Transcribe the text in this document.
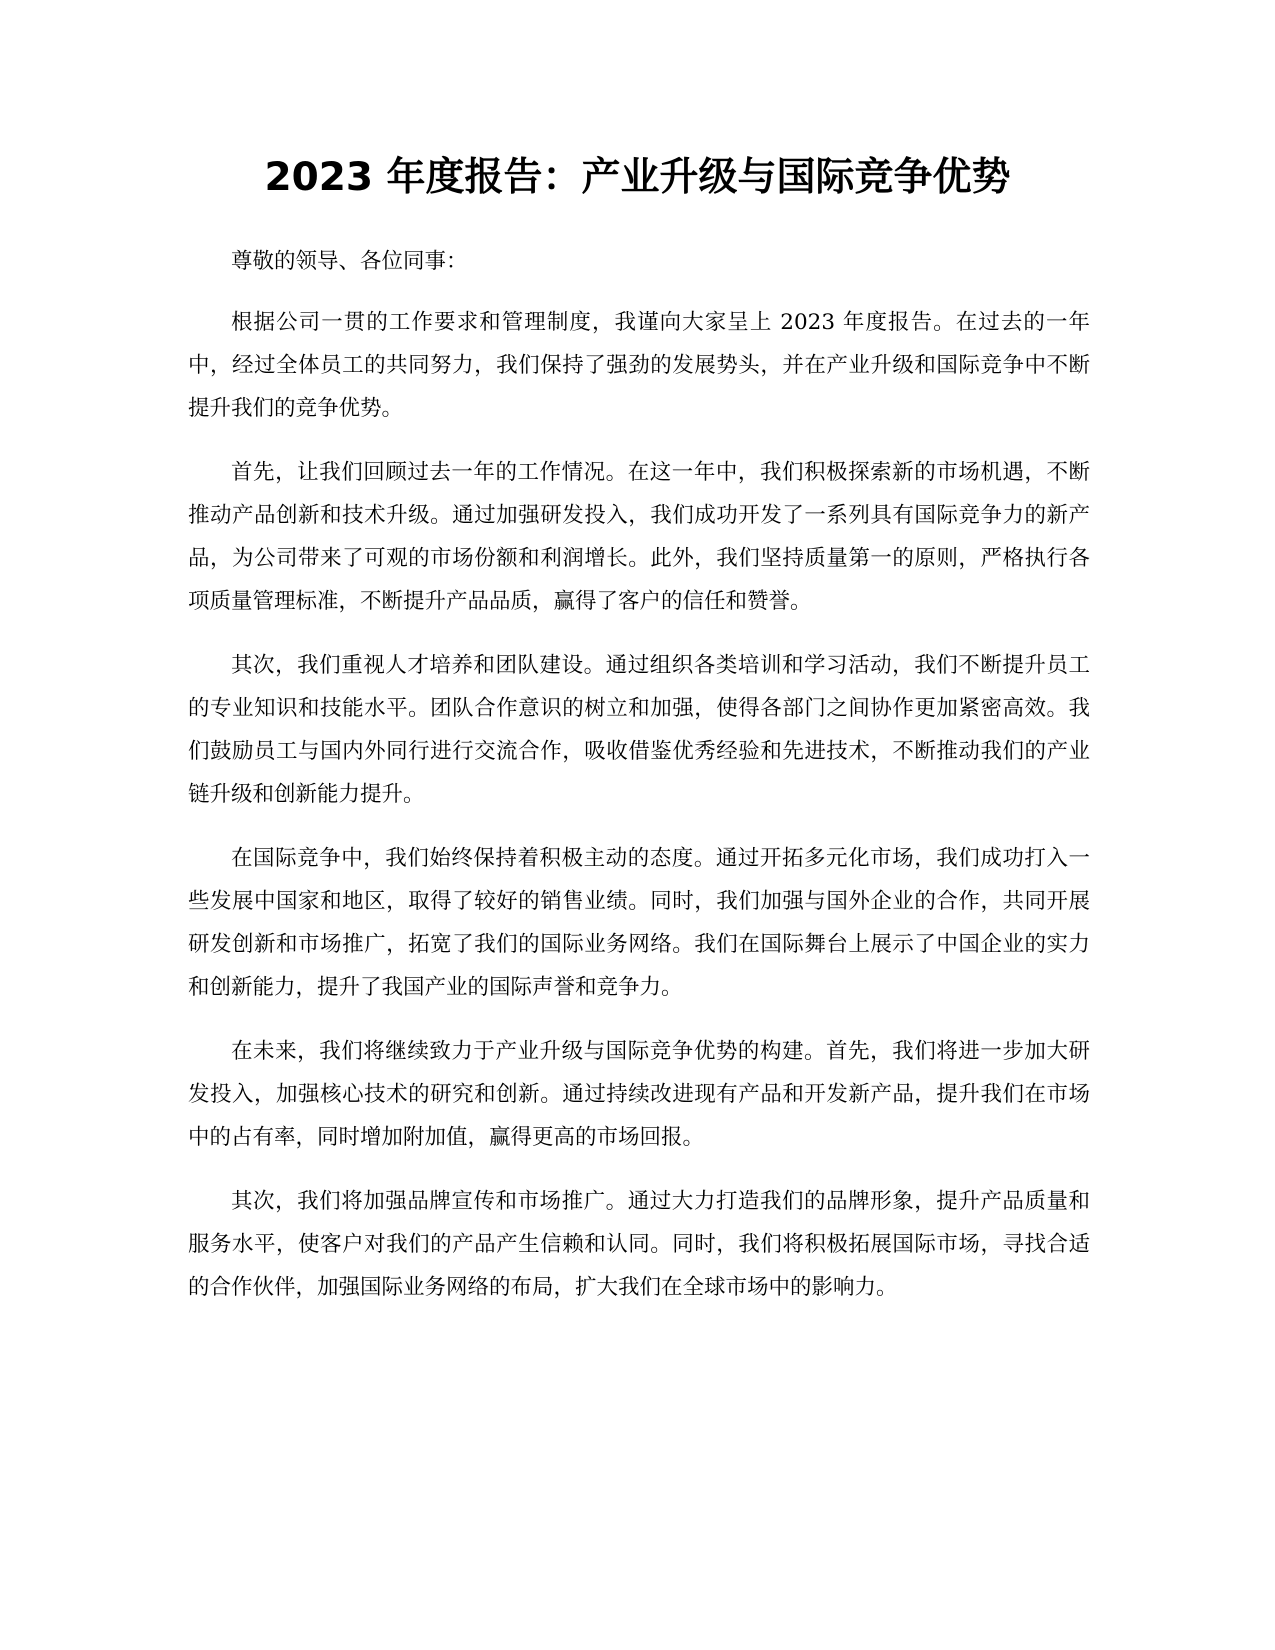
2023 年度报告：产业升级与国际竞争优势

尊敬的领导、各位同事：

根据公司一贯的工作要求和管理制度，我谨向大家呈上 2023 年度报告。在过去的一年中，经过全体员工的共同努力，我们保持了强劲的发展势头，并在产业升级和国际竞争中不断提升我们的竞争优势。

首先，让我们回顾过去一年的工作情况。在这一年中，我们积极探索新的市场机遇，不断推动产品创新和技术升级。通过加强研发投入，我们成功开发了一系列具有国际竞争力的新产品，为公司带来了可观的市场份额和利润增长。此外，我们坚持质量第一的原则，严格执行各项质量管理标准，不断提升产品品质，赢得了客户的信任和赞誉。

其次，我们重视人才培养和团队建设。通过组织各类培训和学习活动，我们不断提升员工的专业知识和技能水平。团队合作意识的树立和加强，使得各部门之间协作更加紧密高效。我们鼓励员工与国内外同行进行交流合作，吸收借鉴优秀经验和先进技术，不断推动我们的产业链升级和创新能力提升。

在国际竞争中，我们始终保持着积极主动的态度。通过开拓多元化市场，我们成功打入一些发展中国家和地区，取得了较好的销售业绩。同时，我们加强与国外企业的合作，共同开展研发创新和市场推广，拓宽了我们的国际业务网络。我们在国际舞台上展示了中国企业的实力和创新能力，提升了我国产业的国际声誉和竞争力。

在未来，我们将继续致力于产业升级与国际竞争优势的构建。首先，我们将进一步加大研发投入，加强核心技术的研究和创新。通过持续改进现有产品和开发新产品，提升我们在市场中的占有率，同时增加附加值，赢得更高的市场回报。

其次，我们将加强品牌宣传和市场推广。通过大力打造我们的品牌形象，提升产品质量和服务水平，使客户对我们的产品产生信赖和认同。同时，我们将积极拓展国际市场，寻找合适的合作伙伴，加强国际业务网络的布局，扩大我们在全球市场中的影响力。
